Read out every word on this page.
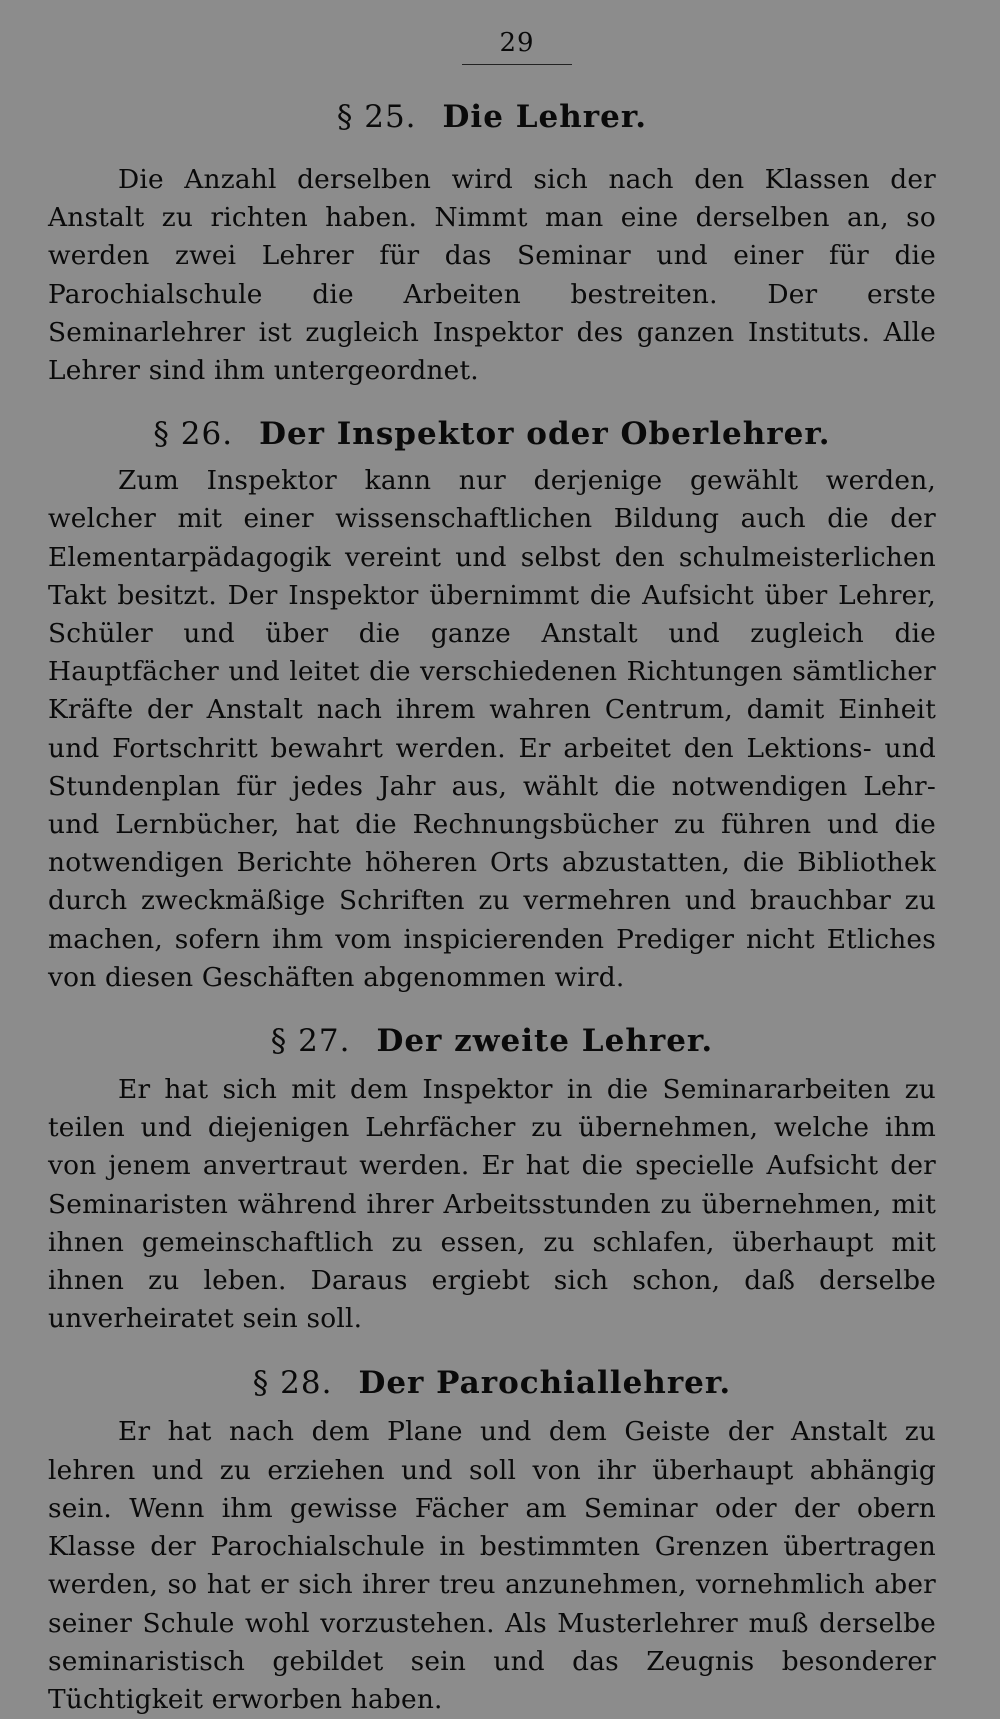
29
§ 25. Die Lehrer.

Die Anzahl derselben wird sich nach den Klassen der Anstalt zu richten haben. Nimmt man eine derselben an, so werden zwei Lehrer für das Seminar und einer für die Parochialschule die Arbeiten bestreiten. Der erste Seminarlehrer ist zugleich Inspektor des ganzen Instituts. Alle Lehrer sind ihm untergeordnet.

§ 26. Der Inspektor oder Oberlehrer.

Zum Inspektor kann nur derjenige gewählt werden, welcher mit einer wissenschaftlichen Bildung auch die der Elementarpädagogik vereint und selbst den schulmeisterlichen Takt besitzt. Der Inspektor übernimmt die Aufsicht über Lehrer, Schüler und über die ganze Anstalt und zugleich die Hauptfächer und leitet die verschiedenen Richtungen sämtlicher Kräfte der Anstalt nach ihrem wahren Centrum, damit Einheit und Fortschritt bewahrt werden. Er arbeitet den Lektions- und Stundenplan für jedes Jahr aus, wählt die notwendigen Lehr- und Lernbücher, hat die Rechnungsbücher zu führen und die notwendigen Berichte höheren Orts abzustatten, die Bibliothek durch zweckmäßige Schriften zu vermehren und brauchbar zu machen, sofern ihm vom inspicierenden Prediger nicht Etliches von diesen Geschäften abgenommen wird.

§ 27. Der zweite Lehrer.

Er hat sich mit dem Inspektor in die Seminararbeiten zu teilen und diejenigen Lehrfächer zu übernehmen, welche ihm von jenem anvertraut werden. Er hat die specielle Aufsicht der Seminaristen während ihrer Arbeitsstunden zu übernehmen, mit ihnen gemeinschaftlich zu essen, zu schlafen, überhaupt mit ihnen zu leben. Daraus ergiebt sich schon, daß derselbe unverheiratet sein soll.

§ 28. Der Parochiallehrer.

Er hat nach dem Plane und dem Geiste der Anstalt zu lehren und zu erziehen und soll von ihr überhaupt abhängig sein. Wenn ihm gewisse Fächer am Seminar oder der obern Klasse der Parochialschule in bestimmten Grenzen übertragen werden, so hat er sich ihrer treu anzunehmen, vornehmlich aber seiner Schule wohl vorzustehen. Als Musterlehrer muß derselbe seminaristisch gebildet sein und das Zeugnis besonderer Tüchtigkeit erworben haben.
